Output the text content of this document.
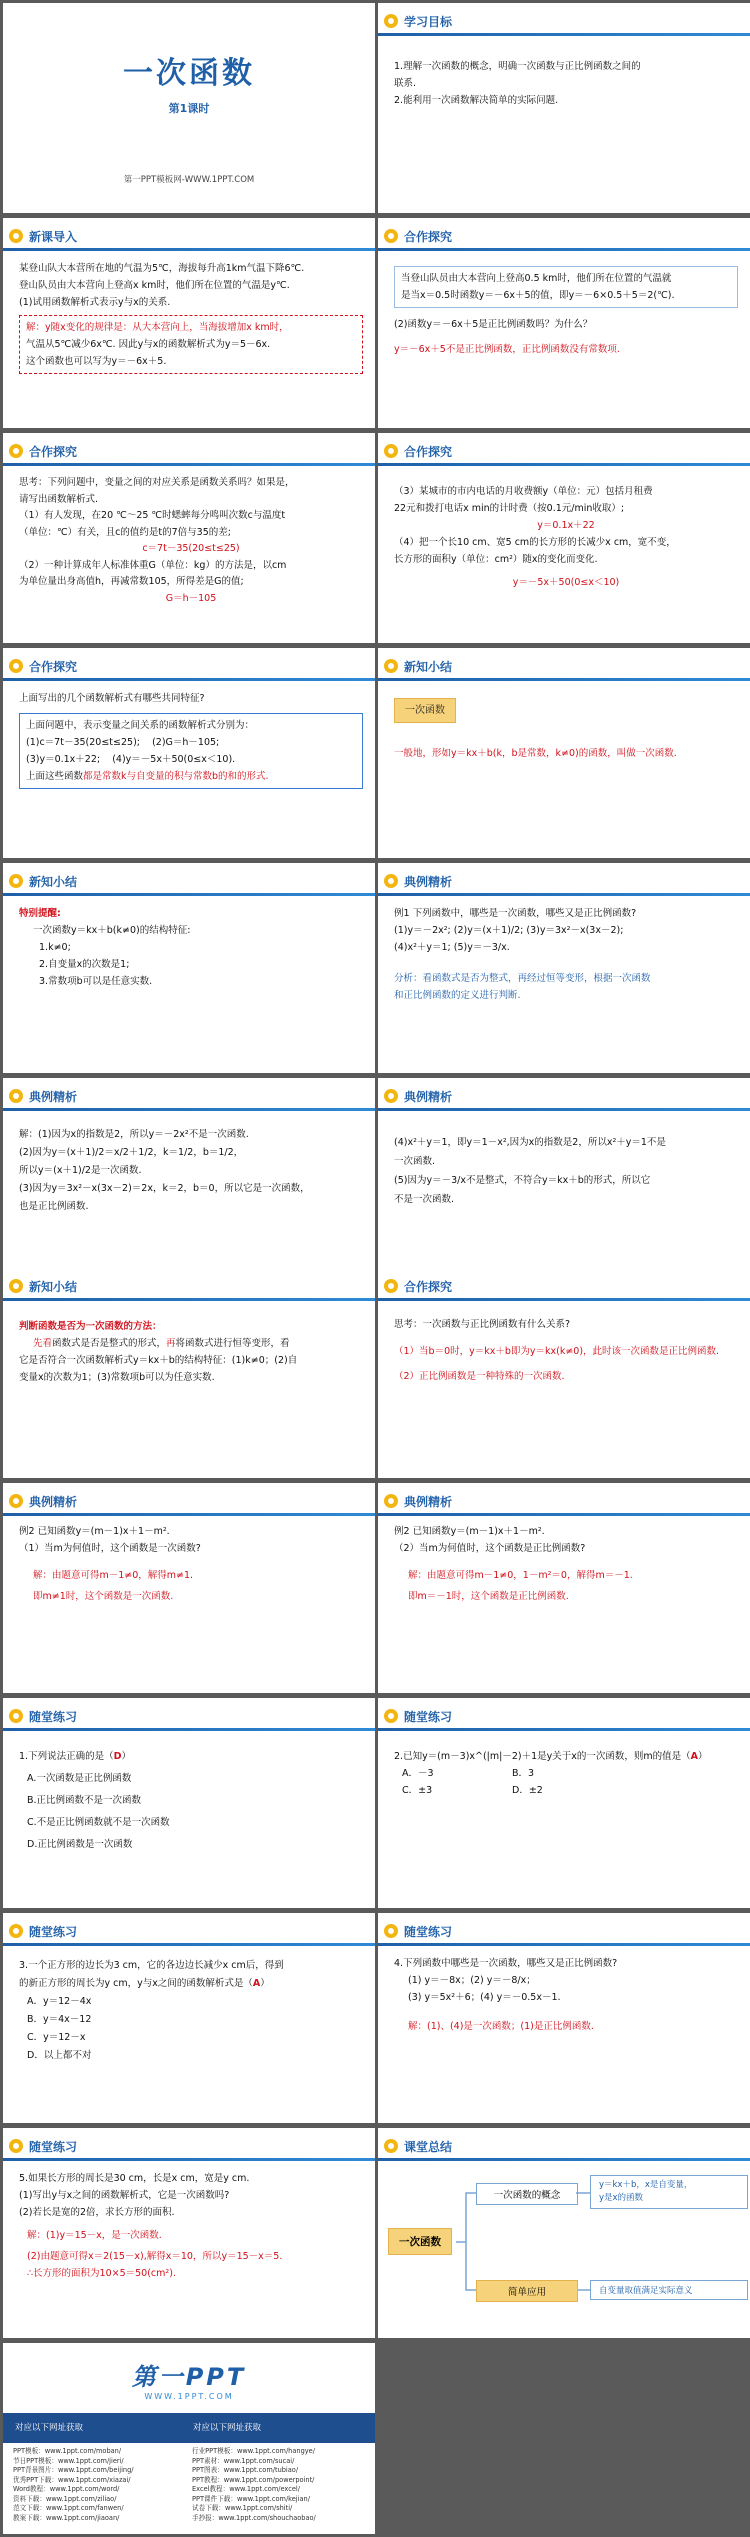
一次函数
第1课时
第一PPT模板网-WWW.1PPT.COM
学习目标

1.理解一次函数的概念，明确一次函数与正比例函数之间的

联系.

2.能利用一次函数解决简单的实际问题.

新课导入

某登山队大本营所在地的气温为5℃，海拔每升高1km气温下降6℃.

登山队员由大本营向上登高x km时，他们所在位置的气温是y℃.

(1)试用函数解析式表示y与x的关系.

解：y随x变化的规律是：从大本营向上，当海拔增加x km时，

气温从5℃减少6x℃. 因此y与x的函数解析式为y＝5－6x.

这个函数也可以写为y＝－6x＋5.

合作探究

当登山队员由大本营向上登高0.5 km时，他们所在位置的气温就

是当x＝0.5时函数y＝－6x＋5的值，即y＝－6×0.5＋5＝2(℃).

(2)函数y＝－6x＋5是正比例函数吗？为什么？

y＝－6x＋5不是正比例函数，正比例函数没有常数项.

合作探究

思考：下列问题中，变量之间的对应关系是函数关系吗？如果是，

请写出函数解析式.

（1）有人发现，在20 ℃～25 ℃时蟋蟀每分鸣叫次数c与温度t

（单位：℃）有关，且c的值约是t的7倍与35的差;

c＝7t－35(20≤t≤25)

（2）一种计算成年人标准体重G（单位：kg）的方法是，以cm

为单位量出身高值h，再减常数105，所得差是G的值;

G＝h－105

合作探究

（3）某城市的市内电话的月收费额y（单位：元）包括月租费

22元和拨打电话x min的计时费（按0.1元/min收取）;

y＝0.1x＋22

（4）把一个长10 cm、宽5 cm的长方形的长减少x cm，宽不变，

长方形的面积y（单位：cm²）随x的变化而变化.

y＝－5x＋50(0≤x＜10)

合作探究

上面写出的几个函数解析式有哪些共同特征?

上面问题中，表示变量之间关系的函数解析式分别为：

(1)c＝7t－35(20≤t≤25); (2)G＝h－105;

(3)y＝0.1x＋22; (4)y＝－5x＋50(0≤x＜10).

上面这些函数都是常数k与自变量的积与常数b的和的形式.

新知小结
一次函数

一般地，形如y＝kx＋b(k，b是常数，k≠0)的函数，叫做一次函数.

新知小结

特别提醒:

一次函数y＝kx＋b(k≠0)的结构特征:

1.k≠0;

2.自变量x的次数是1;

3.常数项b可以是任意实数.

典例精析

例1 下列函数中，哪些是一次函数，哪些又是正比例函数?

(1)y＝－2x²; (2)y＝(x＋1)/2; (3)y＝3x²－x(3x－2);

(4)x²＋y＝1; (5)y＝－3/x.

分析：看函数式是否为整式，再经过恒等变形，根据一次函数

和正比例函数的定义进行判断.

典例精析

解：(1)因为x的指数是2，所以y＝－2x²不是一次函数.

(2)因为y＝(x＋1)/2＝x/2＋1/2，k＝1/2，b＝1/2，

所以y＝(x＋1)/2是一次函数.

(3)因为y＝3x²－x(3x－2)＝2x，k＝2，b＝0，所以它是一次函数，

也是正比例函数.

典例精析

(4)x²＋y＝1，即y＝1－x²,因为x的指数是2，所以x²＋y＝1不是

一次函数.

(5)因为y＝－3/x不是整式，不符合y＝kx＋b的形式，所以它

不是一次函数.

新知小结

判断函数是否为一次函数的方法：

先看函数式是否是整式的形式，再将函数式进行恒等变形，看

它是否符合一次函数解析式y＝kx＋b的结构特征：(1)k≠0；(2)自

变量x的次数为1；(3)常数项b可以为任意实数.

合作探究

思考：一次函数与正比例函数有什么关系?

（1）当b＝0时，y＝kx＋b即为y＝kx(k≠0)，此时该一次函数是正比例函数.

（2）正比例函数是一种特殊的一次函数.

典例精析

例2 已知函数y＝(m－1)x＋1－m².

（1）当m为何值时，这个函数是一次函数?

解：由题意可得m－1≠0，解得m≠1.

即m≠1时，这个函数是一次函数.

典例精析

例2 已知函数y＝(m－1)x＋1－m².

（2）当m为何值时，这个函数是正比例函数?

解：由题意可得m－1≠0，1－m²＝0，解得m＝－1.

即m＝－1时，这个函数是正比例函数.

随堂练习

1.下列说法正确的是（D）

A.一次函数是正比例函数

B.正比例函数不是一次函数

C.不是正比例函数就不是一次函数

D.正比例函数是一次函数

随堂练习

2.已知y＝(m－3)x^(|m|－2)＋1是y关于x的一次函数，则m的值是（A）

A．－3	B．3

C．±3	D．±2

随堂练习

3.一个正方形的边长为3 cm，它的各边边长减少x cm后，得到

的新正方形的周长为y cm，y与x之间的函数解析式是（A）

A．y＝12－4x

B．y＝4x－12

C．y＝12－x

D．以上都不对

随堂练习

4.下列函数中哪些是一次函数，哪些又是正比例函数?

(1) y＝－8x；(2) y＝－8/x；

(3) y＝5x²＋6；(4) y＝－0.5x－1.

解：(1)、(4)是一次函数；(1)是正比例函数.

随堂练习

5.如果长方形的周长是30 cm，长是x cm，宽是y cm.

(1)写出y与x之间的函数解析式，它是一次函数吗?

(2)若长是宽的2倍，求长方形的面积.

解：(1)y＝15－x，是一次函数.

(2)由题意可得x＝2(15－x),解得x＝10，所以y＝15－x＝5.

∴长方形的面积为10×5＝50(cm²).

课堂总结
一次函数
一次函数的概念
y＝kx＋b，x是自变量，
y是x的函数
简单应用	自变量取值满足实际意义
第一PPT
WWW.1PPT.COM
对应以下网址获取	对应以下网址获取
PPT模板：www.1ppt.com/moban/	行业PPT模板：www.1ppt.com/hangye/
节日PPT模板：www.1ppt.com/jieri/	PPT素材：www.1ppt.com/sucai/
PPT背景图片：www.1ppt.com/beijing/	PPT图表：www.1ppt.com/tubiao/
优秀PPT下载：www.1ppt.com/xiazai/	PPT教程：www.1ppt.com/powerpoint/
Word教程：www.1ppt.com/word/	Excel教程：www.1ppt.com/excel/
资料下载：www.1ppt.com/ziliao/	PPT课件下载：www.1ppt.com/kejian/
范文下载：www.1ppt.com/fanwen/	试卷下载：www.1ppt.com/shiti/
教案下载：www.1ppt.com/jiaoan/	手抄报：www.1ppt.com/shouchaobao/
